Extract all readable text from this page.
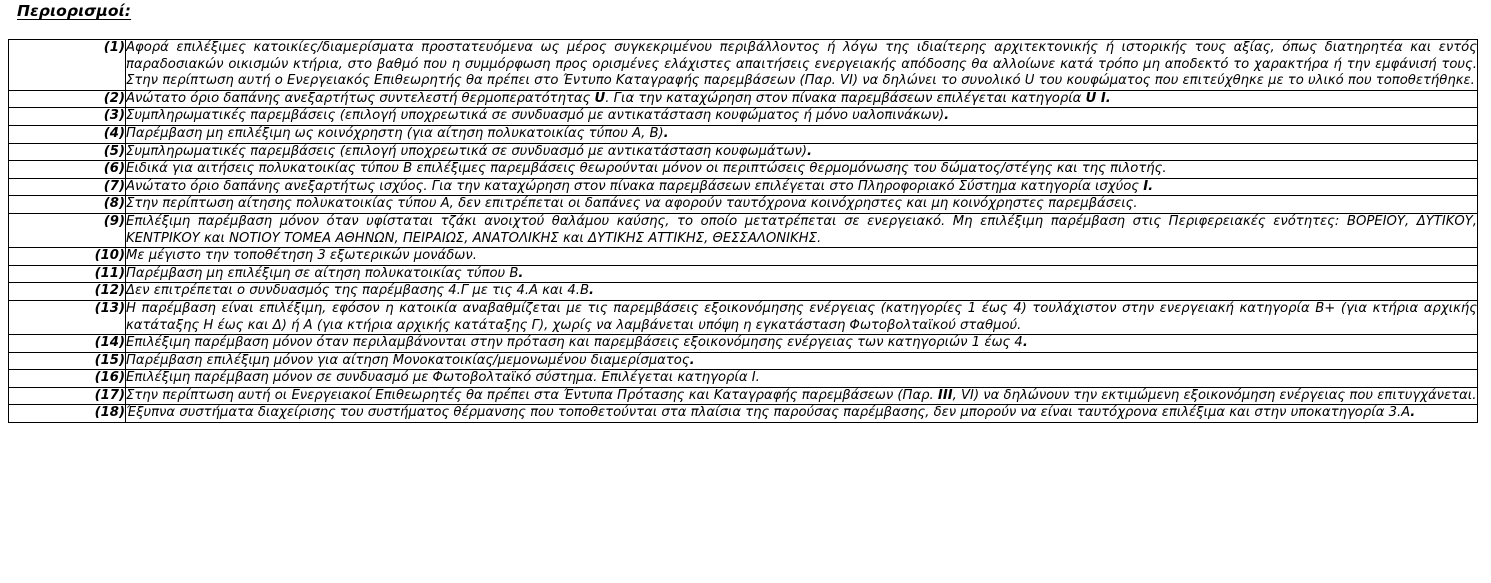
Περιορισμοί:
(1)	Αφορά επιλέξιμες κατοικίες/διαμερίσματα προστατευόμενα ως μέρος συγκεκριμένου περιβάλλοντος ή λόγω της ιδιαίτερης αρχιτεκτονικής ή ιστορικής τους αξίας, όπως διατηρητέα και εντός παραδοσιακών οικισμών κτήρια, στο βαθμό που η συμμόρφωση προς ορισμένες ελάχιστες απαιτήσεις ενεργειακής απόδοσης θα αλλοίωνε κατά τρόπο μη αποδεκτό το χαρακτήρα ή την εμφάνισή τους. Στην περίπτωση αυτή ο Ενεργειακός Επιθεωρητής θα πρέπει στο Έντυπο Καταγραφής παρεμβάσεων (Παρ. VI) να δηλώνει το συνολικό U του κουφώματος που επιτεύχθηκε με το υλικό που τοποθετήθηκε.
(2)	Ανώτατο όριο δαπάνης ανεξαρτήτως συντελεστή θερμοπερατότητας U. Για την καταχώρηση στον πίνακα παρεμβάσεων επιλέγεται κατηγορία U I.
(3)	Συμπληρωματικές παρεμβάσεις (επιλογή υποχρεωτικά σε συνδυασμό με αντικατάσταση κουφώματος ή μόνο υαλοπινάκων).
(4)	Παρέμβαση μη επιλέξιμη ως κοινόχρηστη (για αίτηση πολυκατοικίας τύπου Α, Β).
(5)	Συμπληρωματικές παρεμβάσεις (επιλογή υποχρεωτικά σε συνδυασμό με αντικατάσταση κουφωμάτων).
(6)	Ειδικά για αιτήσεις πολυκατοικίας τύπου Β επιλέξιμες παρεμβάσεις θεωρούνται μόνον οι περιπτώσεις θερμομόνωσης του δώματος/στέγης και της πιλοτής.
(7)	Ανώτατο όριο δαπάνης ανεξαρτήτως ισχύος. Για την καταχώρηση στον πίνακα παρεμβάσεων επιλέγεται στο Πληροφοριακό Σύστημα κατηγορία ισχύος Ι.
(8)	Στην περίπτωση αίτησης πολυκατοικίας τύπου Α, δεν επιτρέπεται οι δαπάνες να αφορούν ταυτόχρονα κοινόχρηστες και μη κοινόχρηστες παρεμβάσεις.
(9)	Επιλέξιμη παρέμβαση μόνον όταν υφίσταται τζάκι ανοιχτού θαλάμου καύσης, το οποίο μετατρέπεται σε ενεργειακό. Μη επιλέξιμη παρέμβαση στις Περιφερειακές ενότητες: ΒΟΡΕΙΟΥ, ΔΥΤΙΚΟΥ, ΚΕΝΤΡΙΚΟΥ και ΝΟΤΙΟΥ ΤΟΜΕΑ ΑΘΗΝΩΝ, ΠΕΙΡΑΙΩΣ, ΑΝΑΤΟΛΙΚΗΣ και ΔΥΤΙΚΗΣ ΑΤΤΙΚΗΣ, ΘΕΣΣΑΛΟΝΙΚΗΣ.
(10)	Με μέγιστο την τοποθέτηση 3 εξωτερικών μονάδων.
(11)	Παρέμβαση μη επιλέξιμη σε αίτηση πολυκατοικίας τύπου Β.
(12)	Δεν επιτρέπεται ο συνδυασμός της παρέμβασης 4.Γ με τις 4.Α και 4.Β.
(13)	Η παρέμβαση είναι επιλέξιμη, εφόσον η κατοικία αναβαθμίζεται με τις παρεμβάσεις εξοικονόμησης ενέργειας (κατηγορίες 1 έως 4) τουλάχιστον στην ενεργειακή κατηγορία Β+ (για κτήρια αρχικής κατάταξης Η έως και Δ) ή Α (για κτήρια αρχικής κατάταξης Γ), χωρίς να λαμβάνεται υπόψη η εγκατάσταση Φωτοβολταϊκού σταθμού.
(14)	Επιλέξιμη παρέμβαση μόνον όταν περιλαμβάνονται στην πρόταση και παρεμβάσεις εξοικονόμησης ενέργειας των κατηγοριών 1 έως 4.
(15)	Παρέμβαση επιλέξιμη μόνον για αίτηση Μονοκατοικίας/μεμονωμένου διαμερίσματος.
(16)	Επιλέξιμη παρέμβαση μόνον σε συνδυασμό με Φωτοβολταϊκό σύστημα. Επιλέγεται κατηγορία Ι.
(17)	Στην περίπτωση αυτή οι Ενεργειακοί Επιθεωρητές θα πρέπει στα Έντυπα Πρότασης και Καταγραφής παρεμβάσεων (Παρ. III, VI) να δηλώνουν την εκτιμώμενη εξοικονόμηση ενέργειας που επιτυγχάνεται.
(18)	Έξυπνα συστήματα διαχείρισης του συστήματος θέρμανσης που τοποθετούνται στα πλαίσια της παρούσας παρέμβασης, δεν μπορούν να είναι ταυτόχρονα επιλέξιμα και στην υποκατηγορία 3.Α.
